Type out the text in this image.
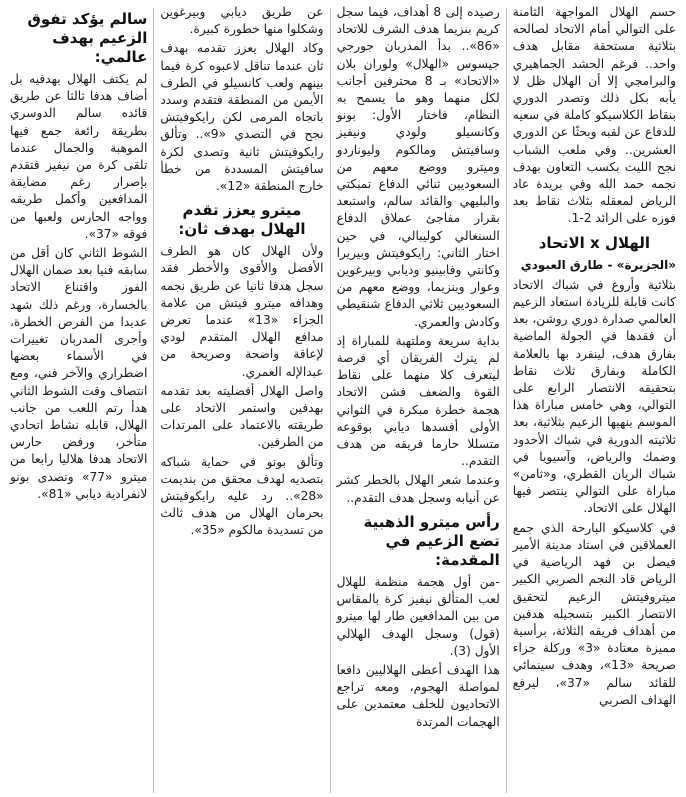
حسم الهلال المواجهة الثامنة على التوالي أمام الاتحاد لصالحه بثلاثية مستحقة مقابل هدف واحد.. فرغم الحشد الجماهيري والبرامجي إلا أن الهلال ظل لا يأبه بكل ذلك وتصدر الدوري بنقاط الكلاسيكو كاملة في سعيه للدفاع عن لقبه وبحثًا عن الدوري العشرين.. وفي ملعب الشباب نجح الليث بكسب التعاون بهدف نجمه حمد الله وفي بريدة عاد الرياض لمعقله بثلاث نقاط بعد فوزه على الرائد 2-1.

الهلال x الاتحاد
«الجزيرة» - طارق العبودي

بثلاثية وأروع في شباك الاتحاد كانت قابلة للزيادة استعاد الزعيم العالمي صدارة دوري روشن، بعد أن فقدها في الجولة الماضية بفارق هدف، لينفرد بها بالعلامة الكاملة وبفارق ثلاث نقاط بتحقيقه الانتصار الرابع على التوالي، وهي خامس مباراة هذا الموسم ينهيها الزعيم بثلاثية، بعد ثلاثيته الدورية في شباك الأخدود وضمك والرياض، وآسيويا في شباك الريان القطري، و«ثامن» مباراة على التوالي ينتصر فيها الهلال على الاتحاد.

في كلاسيكو البارحة الذي جمع العملاقين في استاد مدينة الأمير فيصل بن فهد الرياضية في الرياض قاد النجم الصربي الكبير ميتروفيتش الزعيم لتحقيق الانتصار الكبير بتسجيله هدفين من أهداف فريقه الثلاثة، برأسية مميزة معتادة «3» وركلة جزاء صريحة «13»، وهدف سينمائي للقائد سالم «37»، ليرفع الهداف الصربي

رصيده إلى 8 أهداف، فيما سجل كريم بنزيما هدف الشرف للاتحاد «86».. بدأ المدربان جورجي جيسوس «الهلال» ولوران بلان «الاتحاد» بـ 8 محترفين أجانب لكل منهما وهو ما يسمح به النظام، فاختار الأول: بونو وكانسيلو ولودي ونيفيز وسافيتش ومالكوم وليوناردو وميترو ووضع معهم من السعوديين ثنائي الدفاع تمبكتي والبليهي والقائد سالم، واستبعد بقرار مفاجئ عملاق الدفاع السنغالي كوليبالي، في حين اختار الثاني: رايكوفيتش وبيريرا وكانتي وفابينيو وديابي وبيرغوين وعوار وبنزيما، ووضع معهم من السعوديين ثلاثي الدفاع شنقيطي وكادش والعمري.

بداية سريعة وملتهبة للمباراة إذ لم يترك الفريقان أي فرصة ليتعرف كلا منهما على نقاط القوة والضعف فشن الاتحاد هجمة خطرة مبكرة في الثواني الأولى أفسدها ديابي بوقوعه متسللا حارما فريقه من هدف التقدم..

وعندما شعر الهلال بالخطر كشر عن أنيابه وسجل هدف التقدم..

رأس ميترو الذهبية تضع الزعيم في المقدمة:

-من أول هجمة منظمة للهلال لعب المتألق نيفيز كرة بالمقاس من بين المدافعين طار لها ميترو (قول) وسجل الهدف الهلالي الأول (3).

هذا الهدف أعطى الهلاليين دافعا لمواصلة الهجوم، ومعه تراجع الاتحاديون للخلف معتمدين على الهجمات المرتدة

عن طريق ديابي وبيرغوين وشكلوا منها خطورة كبيرة.

وكاد الهلال يعزز تقدمه بهدف ثان عندما تناقل لاعبوه كرة فيما بينهم ولعب كانسيلو في الطرف الأيمن من المنطقة فتقدم وسدد باتجاه المرمى لكن رايكوفيتش نجح في التصدي «9».. وتألق رايكوفيتش ثانية وتصدى لكرة سافيتش المسددة من خطأ خارج المنطقة «12».

ميترو يعزز تقدم الهلال بهدف ثان:

ولأن الهلال كان هو الطرف الأفضل والأقوى والأخطر فقد سجل هدفا ثانيا عن طريق نجمه وهدافه ميترو فيتش من علامة الجزاء «13» عندما تعرض مدافع الهلال المتقدم لودي لإعاقة واضحة وصريحة من عبدالإله العمري.

واصل الهلال أفضليته بعد تقدمه بهدفين واستمر الاتحاد على طريقته بالاعتماد على المرتدات من الطرفين.

وتألق بونو في حماية شباكه بتصديه لهدف محقق من بنديمت «28».. رد عليه رايكوفيتش بحرمان الهلال من هدف ثالث من تسديدة مالكوم «35».

سالم يؤكد تفوق الزعيم بهدف عالمي:

لم يكتف الهلال بهدفيه بل أضاف هدفا ثالثا عن طريق قائده سالم الدوسري بطريقة رائعة جمع فيها الموهبة والجمال عندما تلقى كرة من نيفيز فتقدم بإصرار رغم مضايقة المدافعين وأكمل طريقه وواجه الحارس ولعبها من فوقه «37».

الشوط الثاني كان أقل من سابقه فنيا بعد ضمان الهلال الفوز واقتناع الاتحاد بالخسارة، ورغم ذلك شهد عديدا من الفرص الخطرة، وأجرى المدربان تغييرات في الأسماء بعضها اضطراري والآخر فني، ومع انتصاف وقت الشوط الثاني هدأ رتم اللعب من جانب الهلال، قابله نشاط اتحادي متأخر، ورفض حارس الاتحاد هدفا هلاليا رابعا من ميترو «77» وتصدى بونو لانفرادية ديابي «81».
